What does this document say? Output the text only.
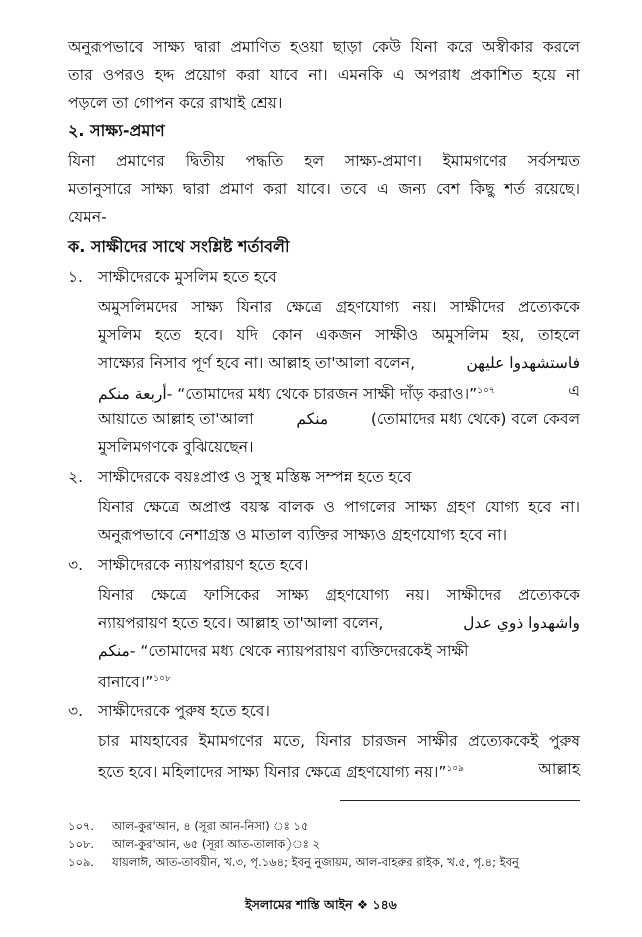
অনুরূপভাবে সাক্ষ্য দ্বারা প্রমাণিত হওয়া ছাড়া কেউ যিনা করে অস্বীকার করলে
তার ওপরও হদ্দ প্রয়োগ করা যাবে না। এমনকি এ অপরাধ প্রকাশিত হয়ে না
পড়লে তা গোপন করে রাখাই শ্রেয়।
২. সাক্ষ্য-প্রমাণ
যিনা প্রমাণের দ্বিতীয় পদ্ধতি হল সাক্ষ্য-প্রমাণ। ইমামগণের সর্বসম্মত
মতানুসারে সাক্ষ্য দ্বারা প্রমাণ করা যাবে। তবে এ জন্য বেশ কিছু শর্ত রয়েছে।
যেমন-
ক. সাক্ষীদের সাথে সংশ্লিষ্ট শর্তাবলী
১. সাক্ষীদেরকে মুসলিম হতে হবে
অমুসলিমদের সাক্ষ্য যিনার ক্ষেত্রে গ্রহণযোগ্য নয়। সাক্ষীদের প্রত্যেককে
মুসলিম হতে হবে। যদি কোন একজন সাক্ষীও অমুসলিম হয়, তাহলে
সাক্ষ্যের নিসাব পূর্ণ হবে না। আল্লাহ তা'আলা বলেন,	فاستشهدوا عليهن
أربعة منكم- “তোমাদের মধ্য থেকে চারজন সাক্ষী দাঁড় করাও।”$^{১০৭}$	এ
আয়াতে আল্লাহ তা'আলা	منكم	(তোমাদের মধ্য থেকে) বলে কেবল
মুসলিমগণকে বুঝিয়েছেন।
২. সাক্ষীদেরকে বয়ঃপ্রাপ্ত ও সুস্থ মস্তিষ্ক সম্পন্ন হতে হবে
যিনার ক্ষেত্রে অপ্রাপ্ত বয়স্ক বালক ও পাগলের সাক্ষ্য গ্রহণ যোগ্য হবে না।
অনুরূপভাবে নেশাগ্রস্ত ও মাতাল ব্যক্তির সাক্ষ্যও গ্রহণযোগ্য হবে না।
৩. সাক্ষীদেরকে ন্যায়পরায়ণ হতে হবে।
যিনার ক্ষেত্রে ফাসিকের সাক্ষ্য গ্রহণযোগ্য নয়। সাক্ষীদের প্রত্যেককে
ন্যায়পরায়ণ হতে হবে। আল্লাহ তা'আলা বলেন,	واشهدوا ذوي عدل
منكم- “তোমাদের মধ্য থেকে ন্যায়পরায়ণ ব্যক্তিদেরকেই সাক্ষী
বানাবে।”$^{১০৮}$
৩. সাক্ষীদেরকে পুরুষ হতে হবে।
চার মাযহাবের ইমামগণের মতে, যিনার চারজন সাক্ষীর প্রত্যেককেই পুরুষ
হতে হবে। মহিলাদের সাক্ষ্য যিনার ক্ষেত্রে গ্রহণযোগ্য নয়।”$^{১০৯}$	আল্লাহ
১০৭. আল-কুর'আন, ৪ (সূরা আন-নিসা) ঃ ১৫
১০৮. আল-কুর'আন, ৬৫ (সূরা আত-তালাক)ঃ ২
১০৯. যায়লাঈ, আত-তাবয়ীন, খ.৩, পৃ.১৬৪; ইবনু নুজায়ম, আল-বাহরুর রাইক, খ.৫, পৃ.৪; ইবনু
ইসলামের শাস্তি আইন ❖ ১৪৬
